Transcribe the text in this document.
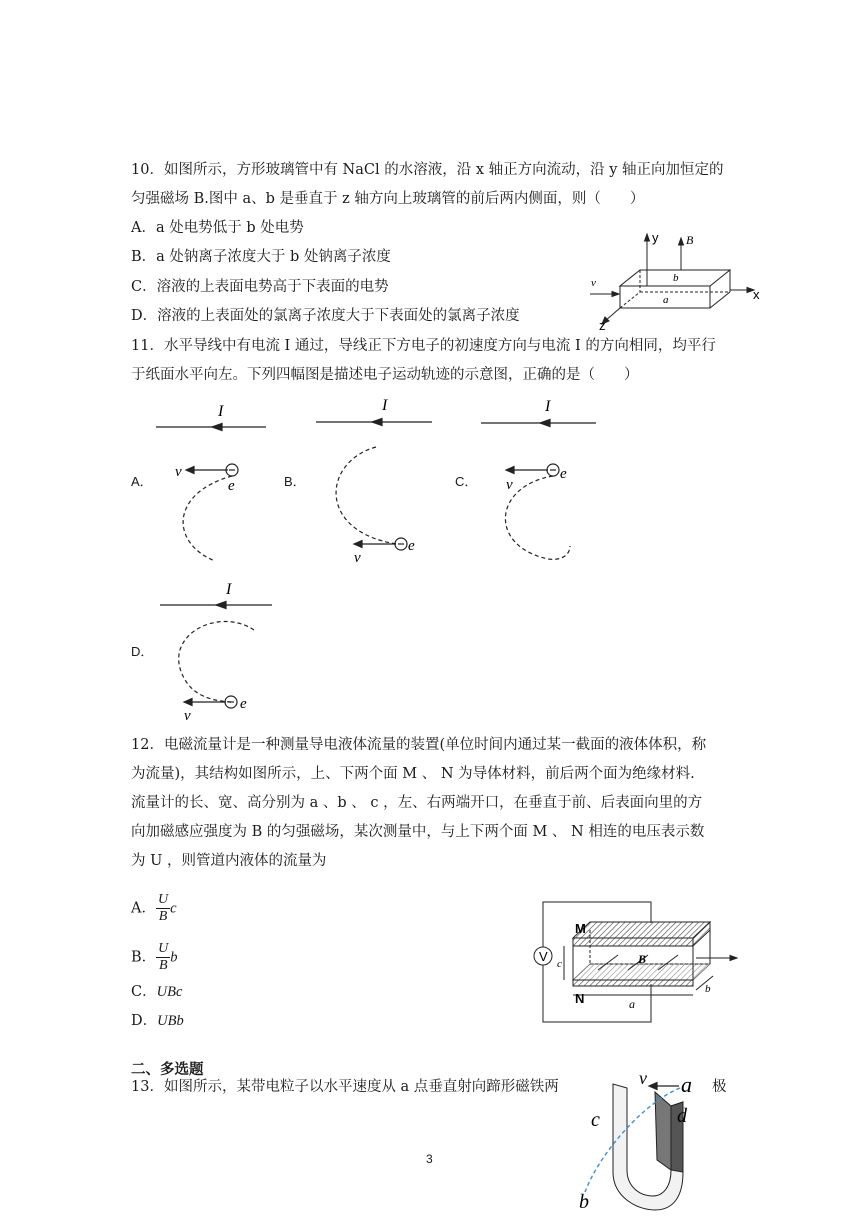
10．如图所示，方形玻璃管中有 NaCl 的水溶液，沿 x 轴正方向流动，沿 y 轴正向加恒定的
匀强磁场 B.图中 a、b 是垂直于 z 轴方向上玻璃管的前后两内侧面，则（　　）
A．a 处电势低于 b 处电势
B．a 处钠离子浓度大于 b 处钠离子浓度
C．溶液的上表面电势高于下表面的电势
D．溶液的上表面处的氯离子浓度大于下表面处的氯离子浓度
y B
b
a
v
x
z
11．水平导线中有电流 I 通过，导线正下方电子的初速度方向与电流 I 的方向相同，均平行
于纸面水平向左。下列四幅图是描述电子运动轨迹的示意图，正确的是（　　）
A．	B．	C．
D．
I
v
e
I
v
e
I
v
e
I
v
e
12．电磁流量计是一种测量导电液体流量的装置(单位时间内通过某一截面的液体体积，称
为流量)，其结构如图所示，上、下两个面 M 、 N 为导体材料，前后两个面为绝缘材料.
流量计的长、宽、高分别为 a 、b 、 c ，左、右两端开口，在垂直于前、后表面向里的方
向加磁感应强度为 B 的匀强磁场，某次测量中，与上下两个面 M 、 N 相连的电压表示数
为 U ，则管道内液体的流量为
A． $\frac{U}{B}$ c
B． $\frac{U}{B}$ b
C．UBc
D．UBb
V
M
N
c
a
b
B
二、多选题
13．如图所示，某带电粒子以水平速度从 a 点垂直射向蹄形磁铁两	极
v a
c	d
b
3
